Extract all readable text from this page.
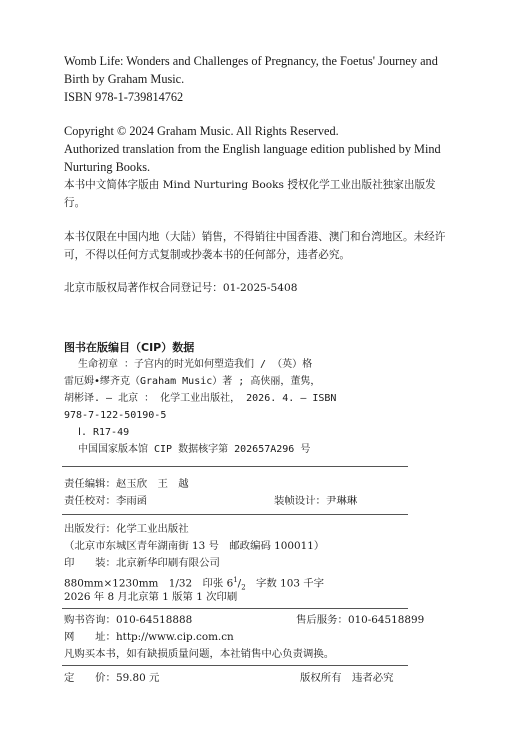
Womb Life: Wonders and Challenges of Pregnancy, the Foetus' Journey and Birth by Graham Music.
ISBN 978-1-739814762
Copyright © 2024 Graham Music. All Rights Reserved.
Authorized translation from the English language edition published by Mind Nurturing Books.
本书中文简体字版由 Mind Nurturing Books 授权化学工业出版社独家出版发行。
本书仅限在中国内地（大陆）销售，不得销往中国香港、澳门和台湾地区。未经许可，不得以任何方式复制或抄袭本书的任何部分，违者必究。
北京市版权局著作权合同登记号：01-2025-5408
图书在版编目（CIP）数据
生命初章 ：子宫内的时光如何塑造我们 / （英）格
雷厄姆•缪齐克（Graham Music）著 ; 高侠丽，董隽，
胡彬译. — 北京 ： 化学工业出版社， 2026. 4. — ISBN
978-7-122-50190-5
Ⅰ. R17-49
中国国家版本馆 CIP 数据核字第 202657A296 号
责任编辑：赵玉欣　王　越
责任校对：李雨函	装帧设计：尹琳琳
出版发行：化学工业出版社
（北京市东城区青年湖南街 13 号　邮政编码 100011）
印　　装：北京新华印刷有限公司
880mm×1230mm　1/32　印张 $6^1/_2$　字数 103 千字
2026 年 8 月北京第 1 版第 1 次印刷
购书咨询：010-64518888	售后服务：010-64518899
网　　址：http://www.cip.com.cn
凡购买本书，如有缺损质量问题，本社销售中心负责调换。
定　　价：59.80 元	版权所有　违者必究
